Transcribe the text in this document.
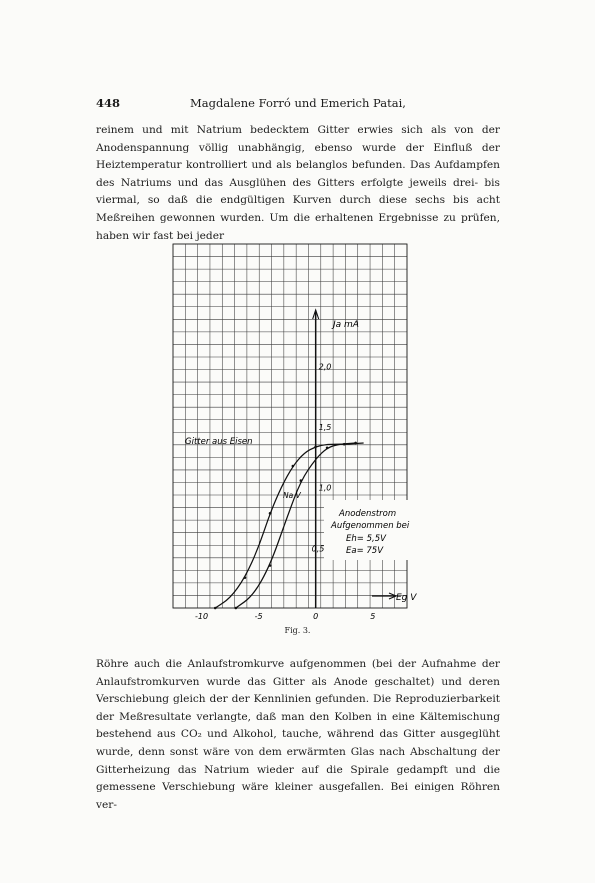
448	Magdalene Forró und Emerich Patai,

reinem und mit Natrium bedecktem Gitter erwies sich als von der Anodenspannung völlig unabhängig, ebenso wurde der Einfluß der Heiztemperatur kontrolliert und als belanglos befunden. Das Aufdampfen des Natriums und das Ausglühen des Gitters erfolgte jeweils drei- bis viermal, so daß die endgültigen Kurven durch diese sechs bis acht Meßreihen gewonnen wurden. Um die erhaltenen Ergebnisse zu prüfen, haben wir fast bei jeder

0,5
1,0
1,5
2,0
-10	-5	0	5
Ja mA
Eg V
Gitter aus Eisen
Na V
Anodenstrom
Aufgenommen bei
Eh= 5,5V
Ea= 75V
Fig. 3.

Röhre auch die Anlaufstromkurve aufgenommen (bei der Aufnahme der Anlaufstromkurven wurde das Gitter als Anode geschaltet) und deren Verschiebung gleich der der Kennlinien gefunden. Die Reproduzierbarkeit der Meßresultate verlangte, daß man den Kolben in eine Kältemischung bestehend aus CO₂ und Alkohol, tauche, während das Gitter ausgeglüht wurde, denn sonst wäre von dem erwärmten Glas nach Abschaltung der Gitterheizung das Natrium wieder auf die Spirale gedampft und die gemessene Verschiebung wäre kleiner ausgefallen. Bei einigen Röhren ver-
